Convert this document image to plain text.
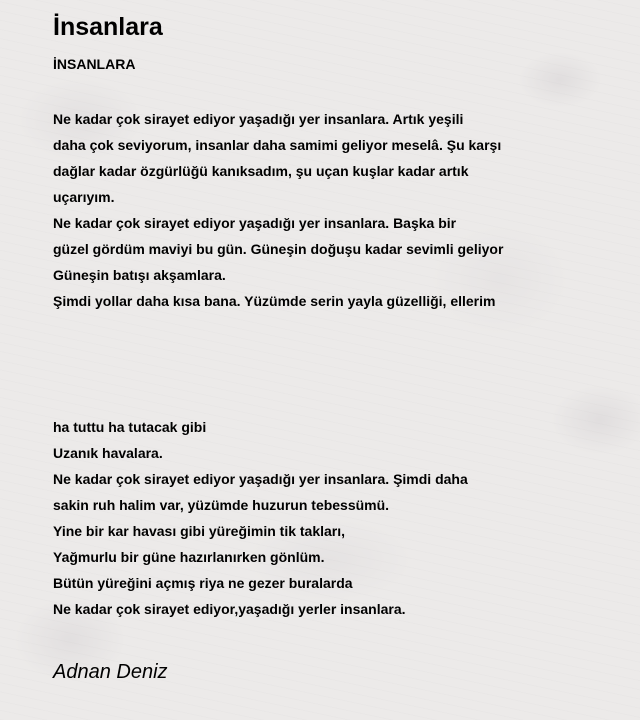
İnsanlara
İNSANLARA
Ne kadar çok sirayet ediyor yaşadığı yer insanlara. Artık yeşili
daha çok seviyorum, insanlar daha samimi geliyor meselâ. Şu karşı
dağlar kadar özgürlüğü kanıksadım, şu uçan kuşlar kadar artık
uçarıyım.
Ne kadar çok sirayet ediyor yaşadığı yer insanlara. Başka bir
güzel gördüm maviyi bu gün. Güneşin doğuşu kadar sevimli geliyor
Güneşin batışı akşamlara.
Şimdi yollar daha kısa bana. Yüzümde serin yayla güzelliği, ellerim
ha tuttu ha tutacak gibi
Uzanık havalara.
Ne kadar çok sirayet ediyor yaşadığı yer insanlara. Şimdi daha
sakin ruh halim var, yüzümde huzurun tebessümü.
Yine bir kar havası gibi yüreğimin tik takları,
Yağmurlu bir güne hazırlanırken gönlüm.
Bütün yüreğini açmış riya ne gezer buralarda
Ne kadar çok sirayet ediyor,yaşadığı yerler insanlara.

Adnan Deniz
